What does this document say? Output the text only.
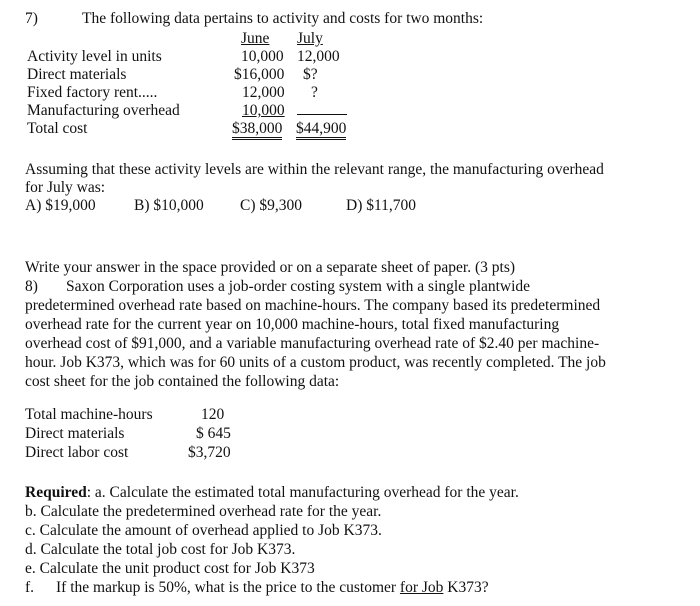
7)	The following data pertains to activity and costs for two months:
June July
Activity level in units	10,000 12,000
Direct materials	$16,000 $?
Fixed factory rent.....	12,000 ?
Manufacturing overhead	10,000
Total cost	$38,000 $44,900
Assuming that these activity levels are within the relevant range, the manufacturing overhead
for July was:
A) $19,000 B) $10,000 C) $9,300	D) $11,700
Write your answer in the space provided or on a separate sheet of paper. (3 pts)
8) Saxon Corporation uses a job-order costing system with a single plantwide
predetermined overhead rate based on machine-hours. The company based its predetermined
overhead rate for the current year on 10,000 machine-hours, total fixed manufacturing
overhead cost of $91,000, and a variable manufacturing overhead rate of $2.40 per machine-
hour. Job K373, which was for 60 units of a custom product, was recently completed. The job
cost sheet for the job contained the following data:
Total machine-hours	120
Direct materials	$ 645
Direct labor cost	$3,720
Required: a. Calculate the estimated total manufacturing overhead for the year.
b. Calculate the predetermined overhead rate for the year.
c. Calculate the amount of overhead applied to Job K373.
d. Calculate the total job cost for Job K373.
e. Calculate the unit product cost for Job K373
f. If the markup is 50%, what is the price to the customer for Job K373?
